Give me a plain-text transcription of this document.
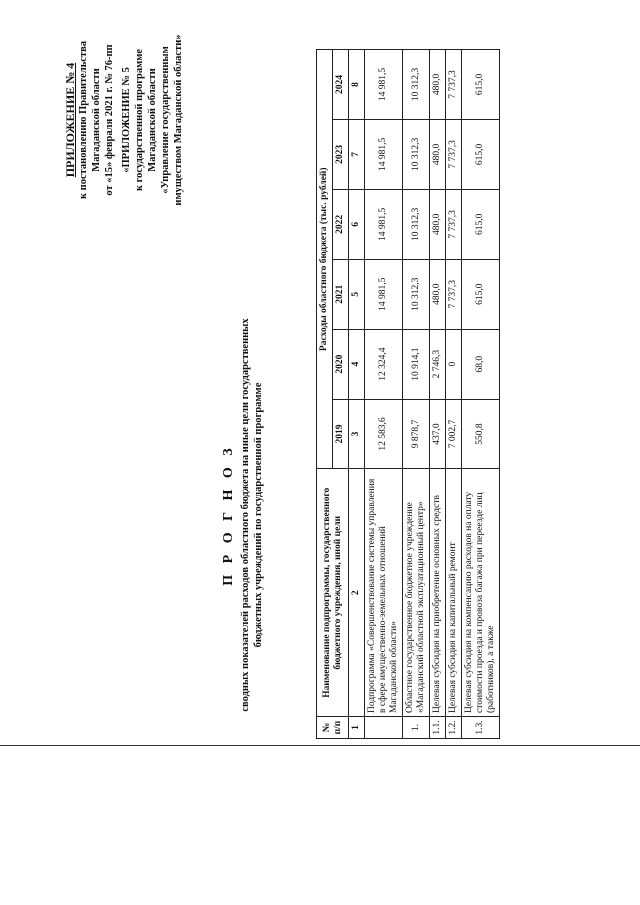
ПРИЛОЖЕНИЕ № 4 к постановлению Правительства Магаданской области от «15» февраля 2021 г. № 76-пп «ПРИЛОЖЕНИЕ № 5 к государственной программе Магаданской области «Управление государственным имуществом Магаданской области»
П Р О Г Н О З сводных показателей расходов областного бюджета на иные цели государственных бюджетных учреждений по государственной программе
№ п/п	Наименование подпрограммы, государственного бюджетного учреждения, иной цели	Расходы областного бюджета (тыс. рублей)					
		2019	2020	2021	2022	2023	2024
1	2	3	4	5	6	7	8
	Подпрограмма «Совершенствование системы управления в сфере имущественно-земельных отношений Магаданской области»	12 583,6	12 324,4	14 981,5	14 981,5	14 981,5	14 981,5
1.	Областное государственное бюджетное учреждение «Магаданский областной эксплуатационный центр»	9 878,7	10 914,1	10 312,3	10 312,3	10 312,3	10 312,3
1.1.	Целевая субсидия на приобретение основных средств	437,0	2 746,3	480,0	480,0	480,0	480,0
1.2.	Целевая субсидия на капитальный ремонт	7 002,7	0	7 737,3	7 737,3	7 737,3	7 737,3
1.3.	Целевая субсидия на компенсацию расходов на оплату стоимости проезда и провоза багажа при переезде лиц (работников), а также	550,8	68,0	615,0	615,0	615,0	615,0
